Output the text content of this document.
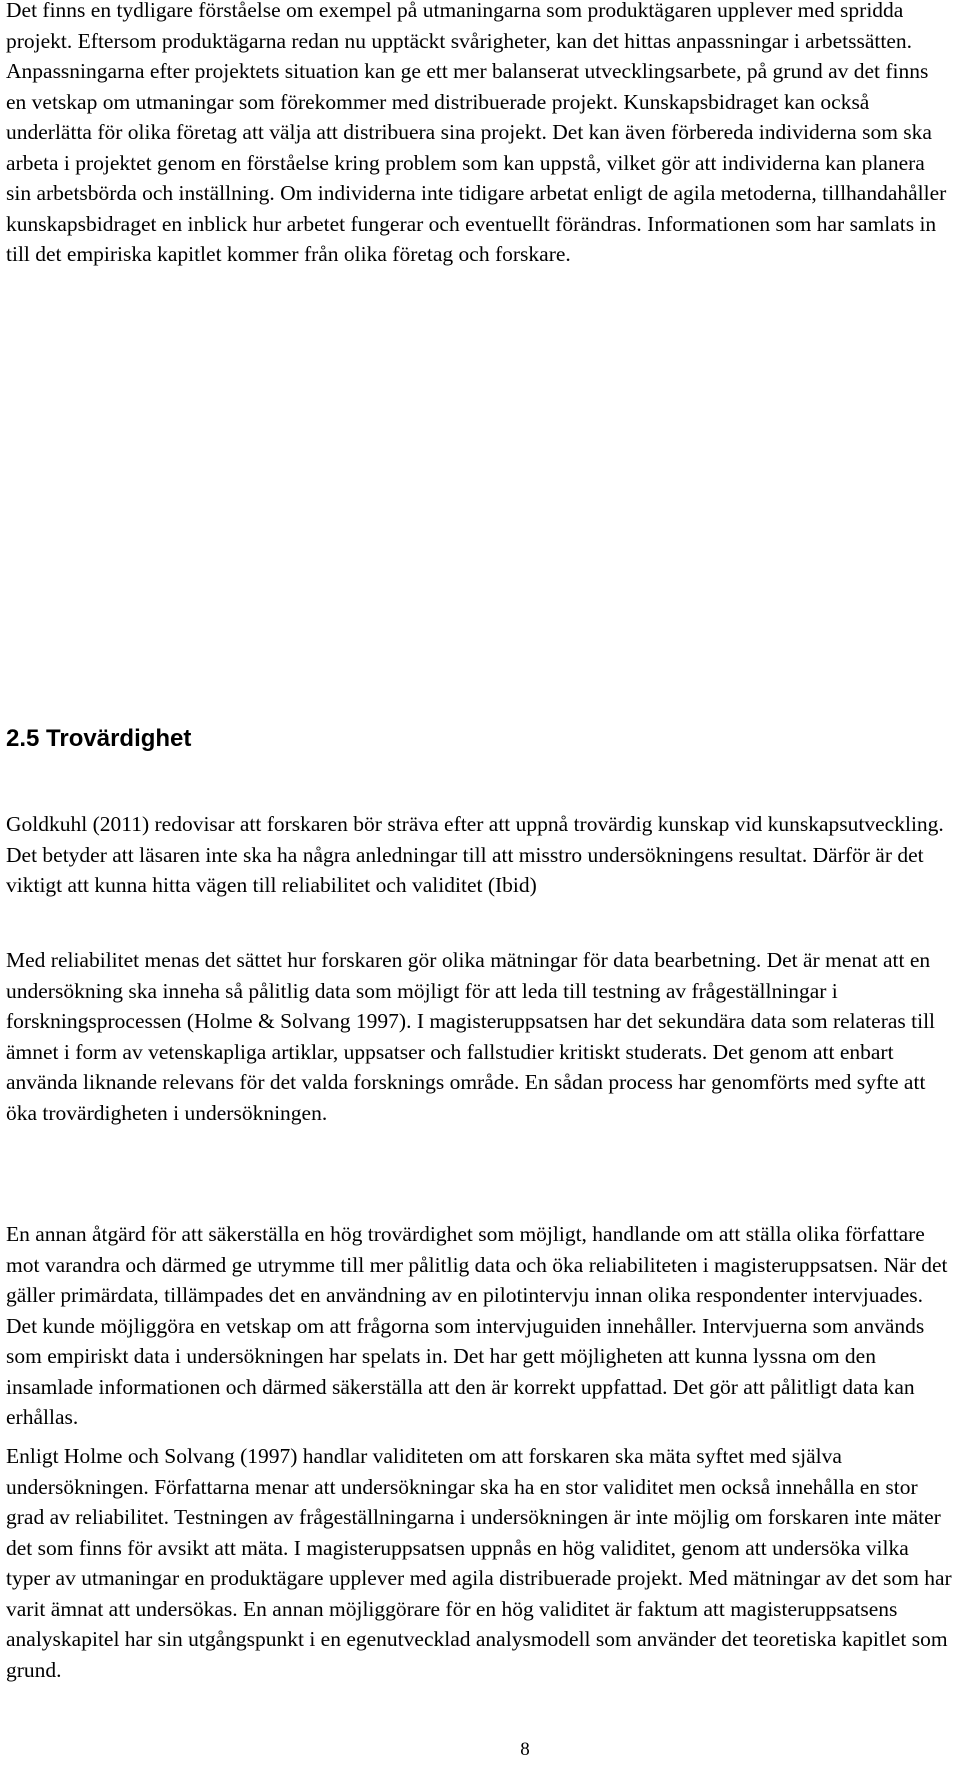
Det finns en tydligare förståelse om exempel på utmaningarna som produktägaren upplever med spridda projekt. Eftersom produktägarna redan nu upptäckt svårigheter, kan det hittas anpassningar i arbetssätten. Anpassningarna efter projektets situation kan ge ett mer balanserat utvecklingsarbete, på grund av det finns en vetskap om utmaningar som förekommer med distribuerade projekt. Kunskapsbidraget kan också underlätta för olika företag att välja att distribuera sina projekt. Det kan även förbereda individerna som ska arbeta i projektet genom en förståelse kring problem som kan uppstå, vilket gör att individerna kan planera sin arbetsbörda och inställning. Om individerna inte tidigare arbetat enligt de agila metoderna, tillhandahåller kunskapsbidraget en inblick hur arbetet fungerar och eventuellt förändras. Informationen som har samlats in till det empiriska kapitlet kommer från olika företag och forskare.

2.5 Trovärdighet

Goldkuhl (2011) redovisar att forskaren bör sträva efter att uppnå trovärdig kunskap vid kunskapsutveckling. Det betyder att läsaren inte ska ha några anledningar till att misstro undersökningens resultat. Därför är det viktigt att kunna hitta vägen till reliabilitet och validitet (Ibid)

Med reliabilitet menas det sättet hur forskaren gör olika mätningar för data bearbetning. Det är menat att en undersökning ska inneha så pålitlig data som möjligt för att leda till testning av frågeställningar i forskningsprocessen (Holme & Solvang 1997). I magisteruppsatsen har det sekundära data som relateras till ämnet i form av vetenskapliga artiklar, uppsatser och fallstudier kritiskt studerats. Det genom att enbart använda liknande relevans för det valda forsknings område. En sådan process har genomförts med syfte att öka trovärdigheten i undersökningen.

En annan åtgärd för att säkerställa en hög trovärdighet som möjligt, handlande om att ställa olika författare mot varandra och därmed ge utrymme till mer pålitlig data och öka reliabiliteten i magisteruppsatsen. När det gäller primärdata, tillämpades det en användning av en pilotintervju innan olika respondenter intervjuades. Det kunde möjliggöra en vetskap om att frågorna som intervjuguiden innehåller. Intervjuerna som används som empiriskt data i undersökningen har spelats in. Det har gett möjligheten att kunna lyssna om den insamlade informationen och därmed säkerställa att den är korrekt uppfattad. Det gör att pålitligt data kan erhållas.

Enligt Holme och Solvang (1997) handlar validiteten om att forskaren ska mäta syftet med själva undersökningen. Författarna menar att undersökningar ska ha en stor validitet men också innehålla en stor grad av reliabilitet. Testningen av frågeställningarna i undersökningen är inte möjlig om forskaren inte mäter det som finns för avsikt att mäta. I magisteruppsatsen uppnås en hög validitet, genom att undersöka vilka typer av utmaningar en produktägare upplever med agila distribuerade projekt. Med mätningar av det som har varit ämnat att undersökas. En annan möjliggörare för en hög validitet är faktum att magisteruppsatsens analyskapitel har sin utgångspunkt i en egenutvecklad analysmodell som använder det teoretiska kapitlet som grund.

8
